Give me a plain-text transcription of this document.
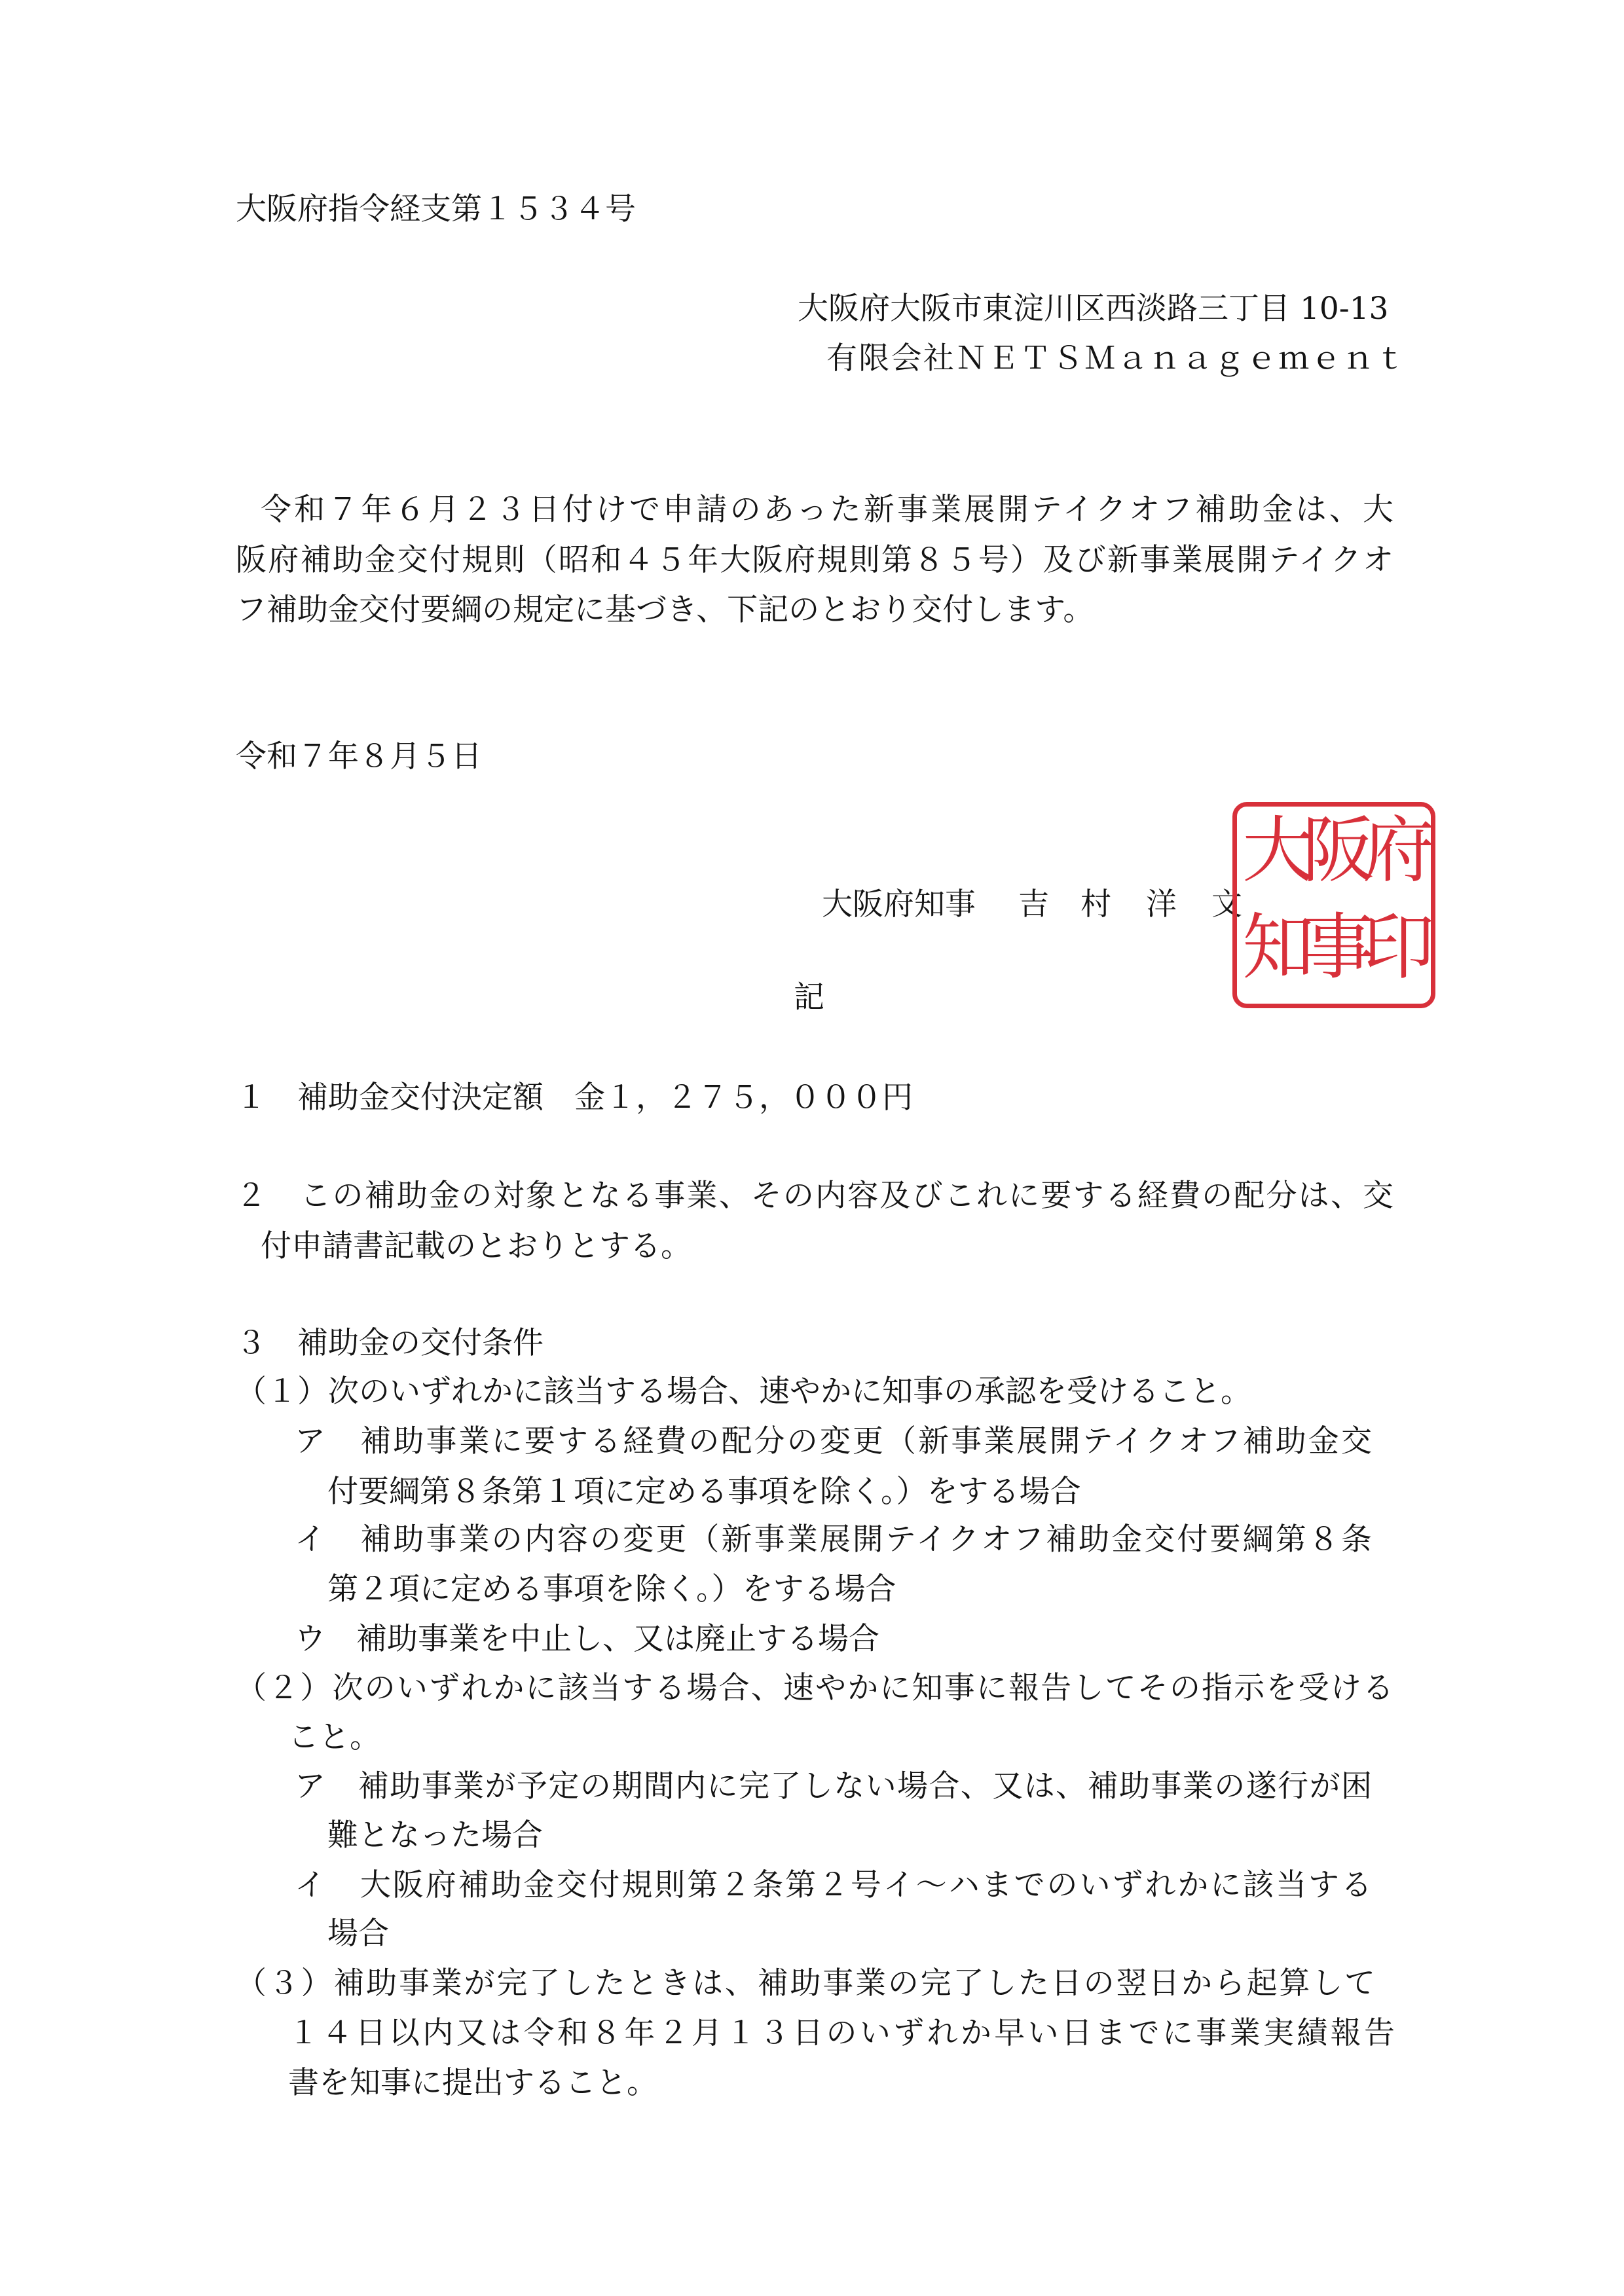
大阪府指令経支第１５３４号
大阪府大阪市東淀川区西淡路三丁目 10-13
有限会社ＮＥＴＳＭａｎａｇｅｍｅｎｔ
令和７年６月２３日付けで申請のあった新事業展開テイクオフ補助金は、大
阪府補助金交付規則（昭和４５年大阪府規則第８５号）及び新事業展開テイクオ
フ補助金交付要綱の規定に基づき、下記のとおり交付します。
令和７年８月５日
大阪府知事 吉 村 洋 文
府
阪
大
印
事
知
記
１　補助金交付決定額　金１，２７５，０００円
２　この補助金の対象となる事業、その内容及びこれに要する経費の配分は、交
付申請書記載のとおりとする。
３　補助金の交付条件
（１）次のいずれかに該当する場合、速やかに知事の承認を受けること。
ア　補助事業に要する経費の配分の変更（新事業展開テイクオフ補助金交
付要綱第８条第１項に定める事項を除く。）をする場合
イ　補助事業の内容の変更（新事業展開テイクオフ補助金交付要綱第８条
第２項に定める事項を除く。）をする場合
ウ　補助事業を中止し、又は廃止する場合
（２）次のいずれかに該当する場合、速やかに知事に報告してその指示を受ける
こと。
ア　補助事業が予定の期間内に完了しない場合、又は、補助事業の遂行が困
難となった場合
イ　大阪府補助金交付規則第２条第２号イ～ハまでのいずれかに該当する
場合
（３）補助事業が完了したときは、補助事業の完了した日の翌日から起算して
１４日以内又は令和８年２月１３日のいずれか早い日までに事業実績報告
書を知事に提出すること。
